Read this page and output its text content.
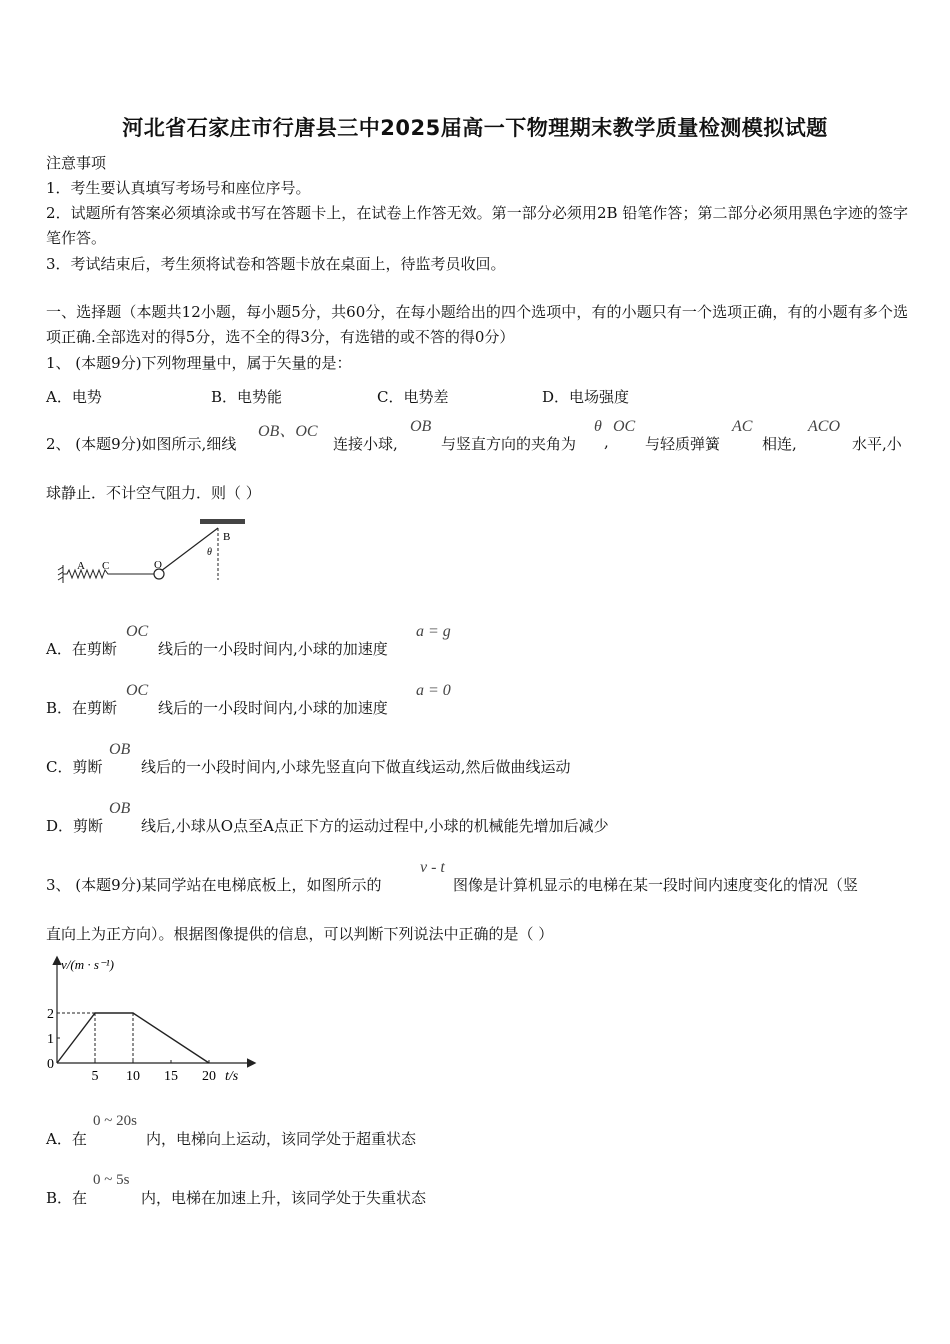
河北省石家庄市行唐县三中2025届高一下物理期末教学质量检测模拟试题
注意事项
1．考生要认真填写考场号和座位序号。
2．试题所有答案必须填涂或书写在答题卡上，在试卷上作答无效。第一部分必须用2B 铅笔作答；第二部分必须用黑色字迹的签字笔作答。
3．考试结束后，考生须将试卷和答题卡放在桌面上，待监考员收回。
一、选择题（本题共12小题，每小题5分，共60分，在每小题给出的四个选项中，有的小题只有一个选项正确，有的小题有多个选项正确.全部选对的得5分，选不全的得3分，有选错的或不答的得0分）
1、 (本题9分)下列物理量中，属于矢量的是：
A．电势	B．电势能	C．电势差	D．电场强度
2、 (本题9分)如图所示,细线
OB、OC
连接小球,
OB
与竖直方向的夹角为
θ
,
OC
与轻质弹簧
AC
相连,
ACO
水平,小
球静止．不计空气阻力．则（ ）
A C	O
B
θ
A．在剪断
OC
线后的一小段时间内,小球的加速度
a = g
B．在剪断
OC
线后的一小段时间内,小球的加速度
a = 0
C．剪断
OB
线后的一小段时间内,小球先竖直向下做直线运动,然后做曲线运动
D．剪断
OB
线后,小球从O点至A点正下方的运动过程中,小球的机械能先增加后减少
3、 (本题9分)某同学站在电梯底板上，如图所示的
v - t
图像是计算机显示的电梯在某一段时间内速度变化的情况（竖
直向上为正方向）。根据图像提供的信息，可以判断下列说法中正确的是（ ）
v/(m · s⁻¹)
t/s
5 10 15 20
0
1
2
A．在
0 ~ 20s
内，电梯向上运动，该同学处于超重状态
B．在
0 ~ 5s
内，电梯在加速上升，该同学处于失重状态
